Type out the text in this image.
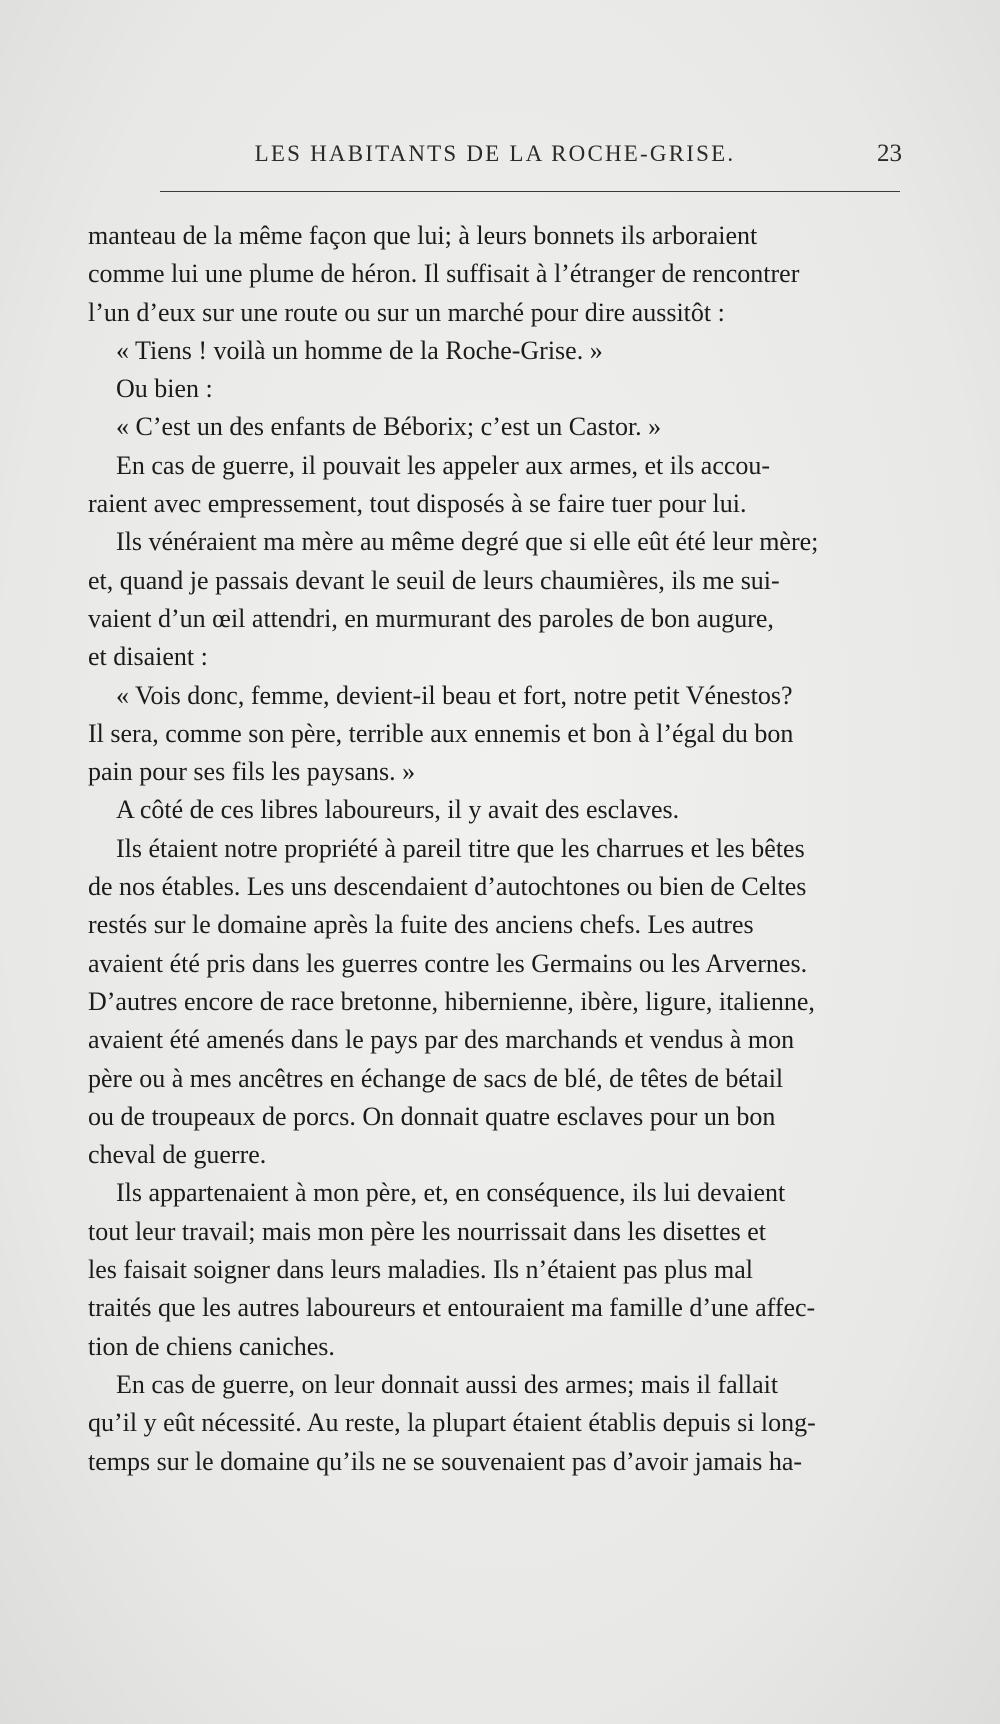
LES HABITANTS DE LA ROCHE-GRISE.	23
manteau de la même façon que lui; à leurs bonnets ils arboraient
comme lui une plume de héron. Il suffisait à l’étranger de rencontrer
l’un d’eux sur une route ou sur un marché pour dire aussitôt :
« Tiens ! voilà un homme de la Roche-Grise. »
Ou bien :
« C’est un des enfants de Béborix; c’est un Castor. »
En cas de guerre, il pouvait les appeler aux armes, et ils accou-
raient avec empressement, tout disposés à se faire tuer pour lui.
Ils vénéraient ma mère au même degré que si elle eût été leur mère;
et, quand je passais devant le seuil de leurs chaumières, ils me sui-
vaient d’un œil attendri, en murmurant des paroles de bon augure,
et disaient :
« Vois donc, femme, devient-il beau et fort, notre petit Vénestos?
Il sera, comme son père, terrible aux ennemis et bon à l’égal du bon
pain pour ses fils les paysans. »
A côté de ces libres laboureurs, il y avait des esclaves.
Ils étaient notre propriété à pareil titre que les charrues et les bêtes
de nos étables. Les uns descendaient d’autochtones ou bien de Celtes
restés sur le domaine après la fuite des anciens chefs. Les autres
avaient été pris dans les guerres contre les Germains ou les Arvernes.
D’autres encore de race bretonne, hibernienne, ibère, ligure, italienne,
avaient été amenés dans le pays par des marchands et vendus à mon
père ou à mes ancêtres en échange de sacs de blé, de têtes de bétail
ou de troupeaux de porcs. On donnait quatre esclaves pour un bon
cheval de guerre.
Ils appartenaient à mon père, et, en conséquence, ils lui devaient
tout leur travail; mais mon père les nourrissait dans les disettes et
les faisait soigner dans leurs maladies. Ils n’étaient pas plus mal
traités que les autres laboureurs et entouraient ma famille d’une affec-
tion de chiens caniches.
En cas de guerre, on leur donnait aussi des armes; mais il fallait
qu’il y eût nécessité. Au reste, la plupart étaient établis depuis si long-
temps sur le domaine qu’ils ne se souvenaient pas d’avoir jamais ha-
